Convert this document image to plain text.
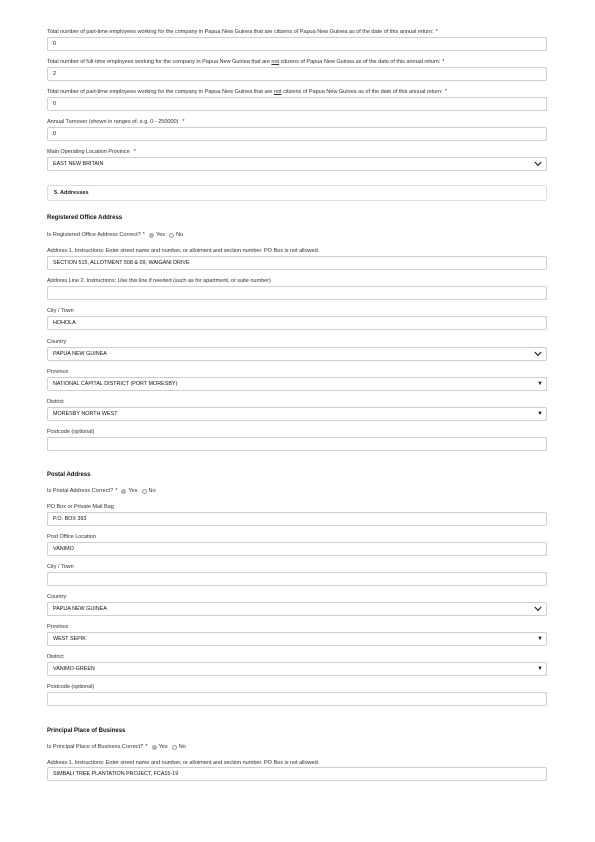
Total number of part-time employees working for the company in Papua New Guinea that are citizens of Papua New Guinea as of the date of this annual return: *
0
Total number of full-time employees working for the company in Papua New Guinea that are not citizens of Papua New Guinea as of the date of this annual return: *
2
Total number of part-time employees working for the company in Papua New Guinea that are not citizens of Papua New Guinea as of the date of this annual return: *
0
Annual Turnover (shown in ranges of, e.g. 0 - 250000) *
0
Main Operating Location Province *
EAST NEW BRITAIN
5. Addresses
Registered Office Address
Is Registered Office Address Correct? * Yes No
Address 1. Instructions: Enter street name and number, or allotment and section number. PO Box is not allowed.
SECTION 515, ALLOTMENT 508 & 09, WAIGANI DRIVE
Address Line 2. Instructions: Use this line if needed (such as for apartment, or suite number)
City / Town
HOHOLA
Country
PAPUA NEW GUINEA
Province
NATIONAL CAPITAL DISTRICT (PORT MORESBY)	▼
District
MORESBY NORTH WEST	▼
Postcode (optional)
Postal Address
Is Postal Address Correct? * Yes No
PO Box or Private Mail Bag
P.O. BOX 393
Post Office Location
VANIMO
City / Town
Country
PAPUA NEW GUINEA
Province
WEST SEPIK	▼
District
VANIMO-GREEN	▼
Postcode (optional)
Principal Place of Business
Is Principal Place of Business Correct? * Yes No
Address 1. Instructions: Enter street name and number, or allotment and section number. PO Box is not allowed.
SIMBALI TREE PLANTATION PROJECT, FCA15-19
